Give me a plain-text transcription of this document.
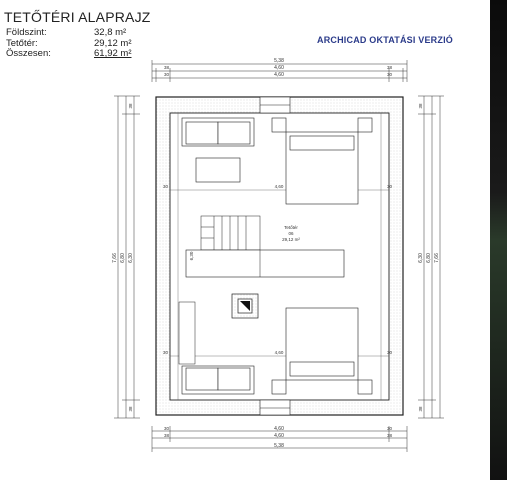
TETŐTÉRI ALAPRAJZ
Földszint:	32,8 m²
Tetőtér:	29,12 m²
Összesen:	61,92 m²
ARCHICAD OKTATÁSI VERZIÓ
5,38
4,60
4,60
38	38
30	30
4,60
4,60
5,38
30	30
38	38
7,66 6,80 6,30
38
38
6,30 6,80 7,66
38
38
4,60
30	30
4,60
30	30
6,30
Tetőtér
06
29,12 m²
